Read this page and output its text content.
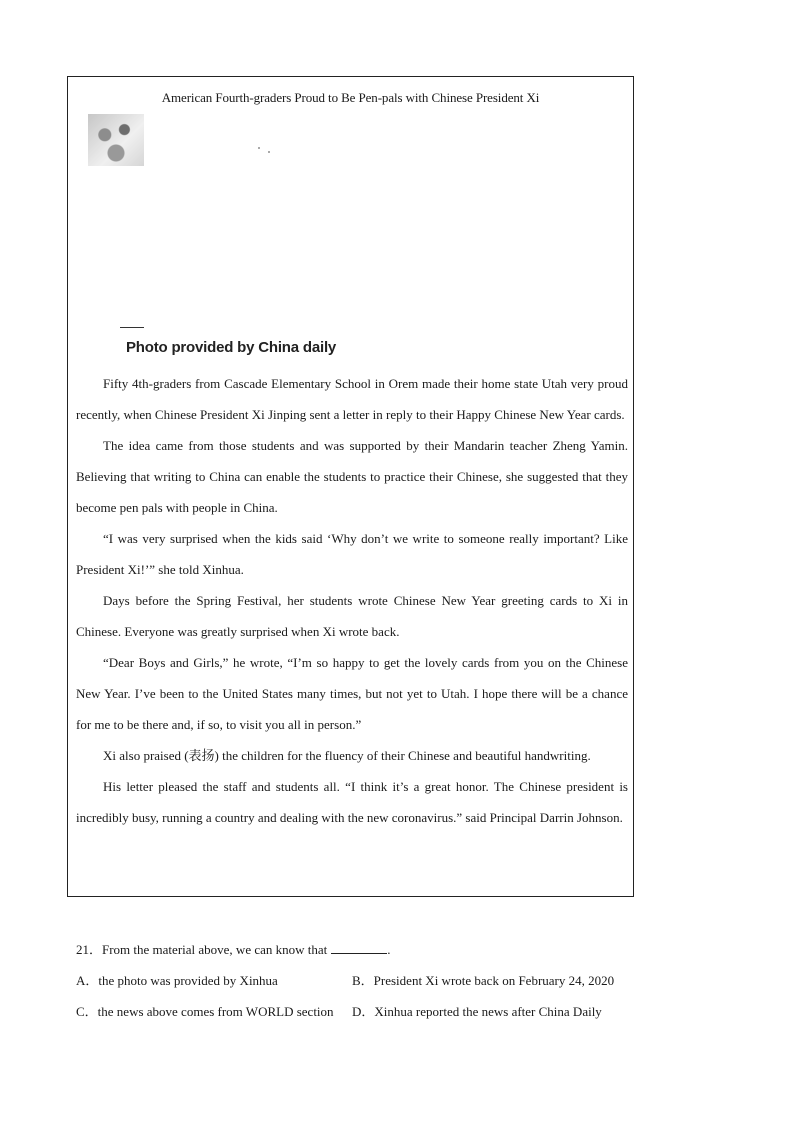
American Fourth-graders Proud to Be Pen-pals with Chinese President Xi
Photo provided by China daily

Fifty 4th-graders from Cascade Elementary School in Orem made their home state Utah very proud recently, when Chinese President Xi Jinping sent a letter in reply to their Happy Chinese New Year cards.

The idea came from those students and was supported by their Mandarin teacher Zheng Yamin. Believing that writing to China can enable the students to practice their Chinese, she suggested that they become pen pals with people in China.

“I was very surprised when the kids said ‘Why don’t we write to someone really important? Like President Xi!’” she told Xinhua.

Days before the Spring Festival, her students wrote Chinese New Year greeting cards to Xi in Chinese. Everyone was greatly surprised when Xi wrote back.

“Dear Boys and Girls,” he wrote, “I’m so happy to get the lovely cards from you on the Chinese New Year. I’ve been to the United States many times, but not yet to Utah. I hope there will be a chance for me to be there and, if so, to visit you all in person.”

Xi also praised (表扬) the children for the fluency of their Chinese and beautiful handwriting.

His letter pleased the staff and students all. “I think it’s a great honor. The Chinese president is incredibly busy, running a country and dealing with the new coronavirus.” said Principal Darrin Johnson.

21．From the material above, we can know that	.
A．the photo was provided by Xinhua	B．President Xi wrote back on February 24, 2020
C．the news above comes from WORLD section D．Xinhua reported the news after China Daily
